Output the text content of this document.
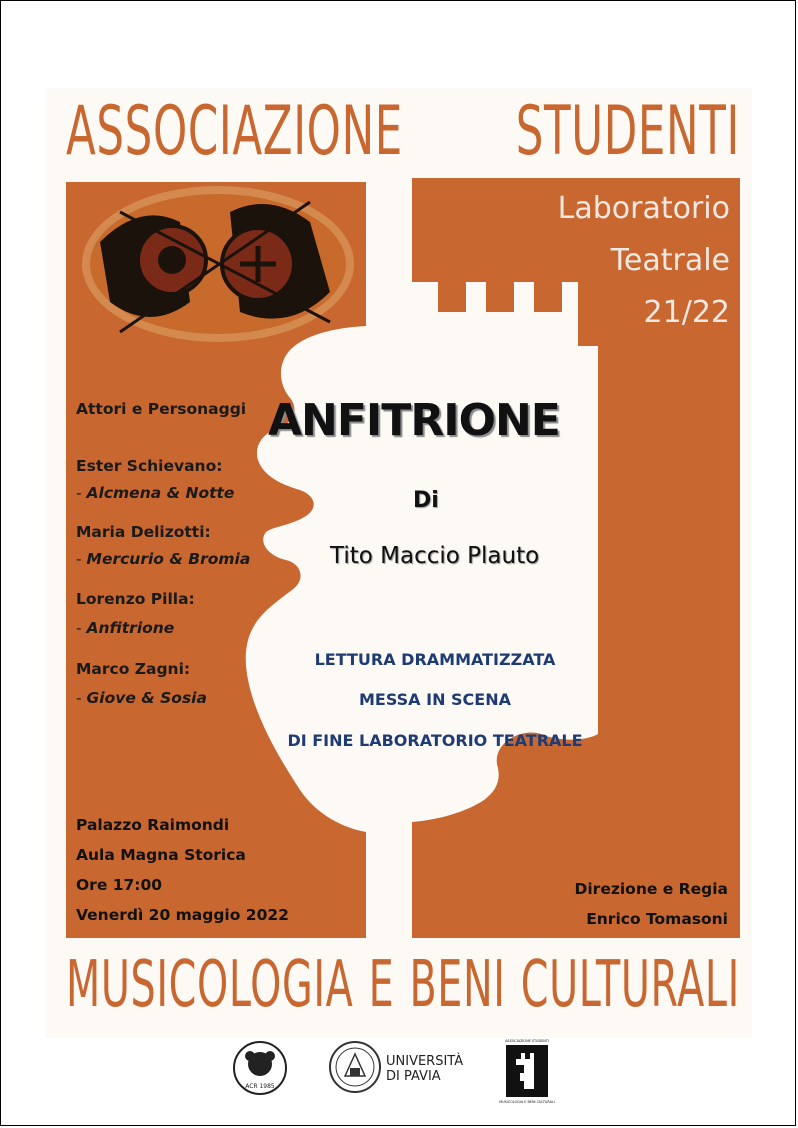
ASSOCIAZIONE STUDENTI
Laboratorio
Teatrale
21/22
Attori e Personaggi
Ester Schievano:
- Alcmena & Notte
Maria Delizotti:
- Mercurio & Bromia
Lorenzo Pilla:
- Anfitrione
Marco Zagni:
- Giove & Sosia
ANFITRIONE
Di
Tito Maccio Plauto
LETTURA DRAMMATIZZATA
MESSA IN SCENA
DI FINE LABORATORIO TEATRALE
Palazzo Raimondi
Aula Magna Storica
Ore 17:00
Venerdì 20 maggio 2022
Direzione e Regia
Enrico Tomasoni
MUSICOLOGIA E BENI CULTURALI
ACR 1985
UNIVERSITÀ
DI PAVIA
ASSOCIAZIONE STUDENTI
MUSICOLOGIA E BENI CULTURALI
